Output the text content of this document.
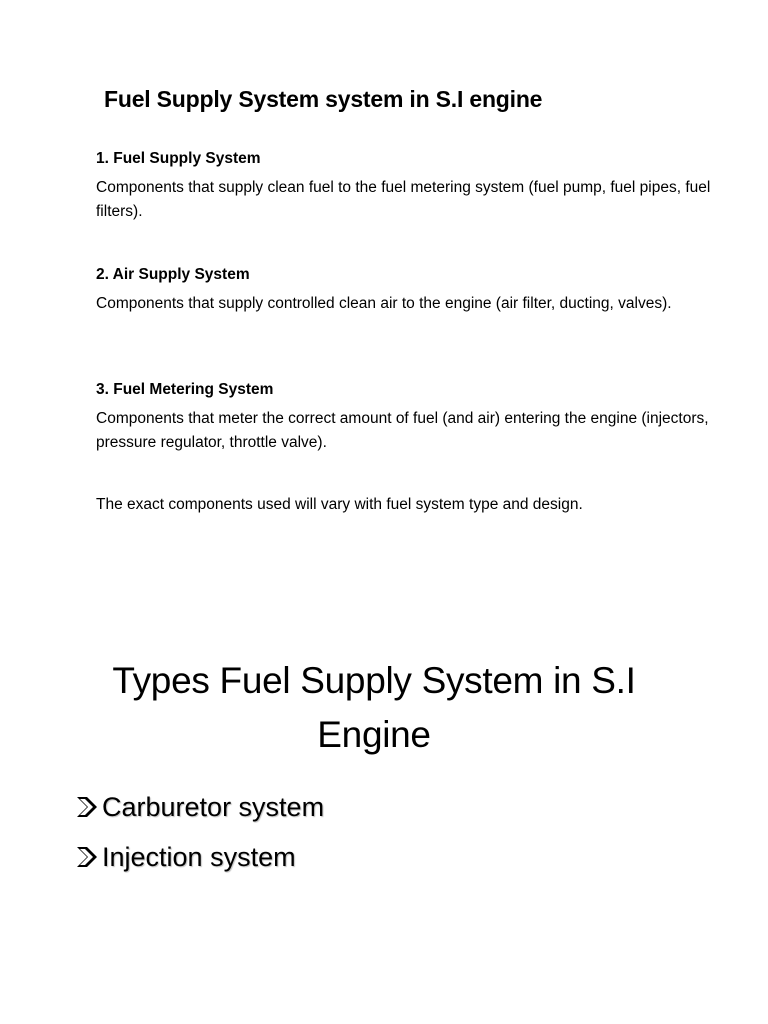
Fuel Supply System system in S.I engine

1. Fuel Supply System

Components that supply clean fuel to the fuel metering system (fuel pump, fuel pipes, fuel filters).

2. Air Supply System

Components that supply controlled clean air to the engine (air filter, ducting, valves).

3. Fuel Metering System

Components that meter the correct amount of fuel (and air) entering the engine (injectors, pressure regulator, throttle valve).

The exact components used will vary with fuel system type and design.
Types Fuel Supply System in S.I
Engine
Carburetor system
Injection system
